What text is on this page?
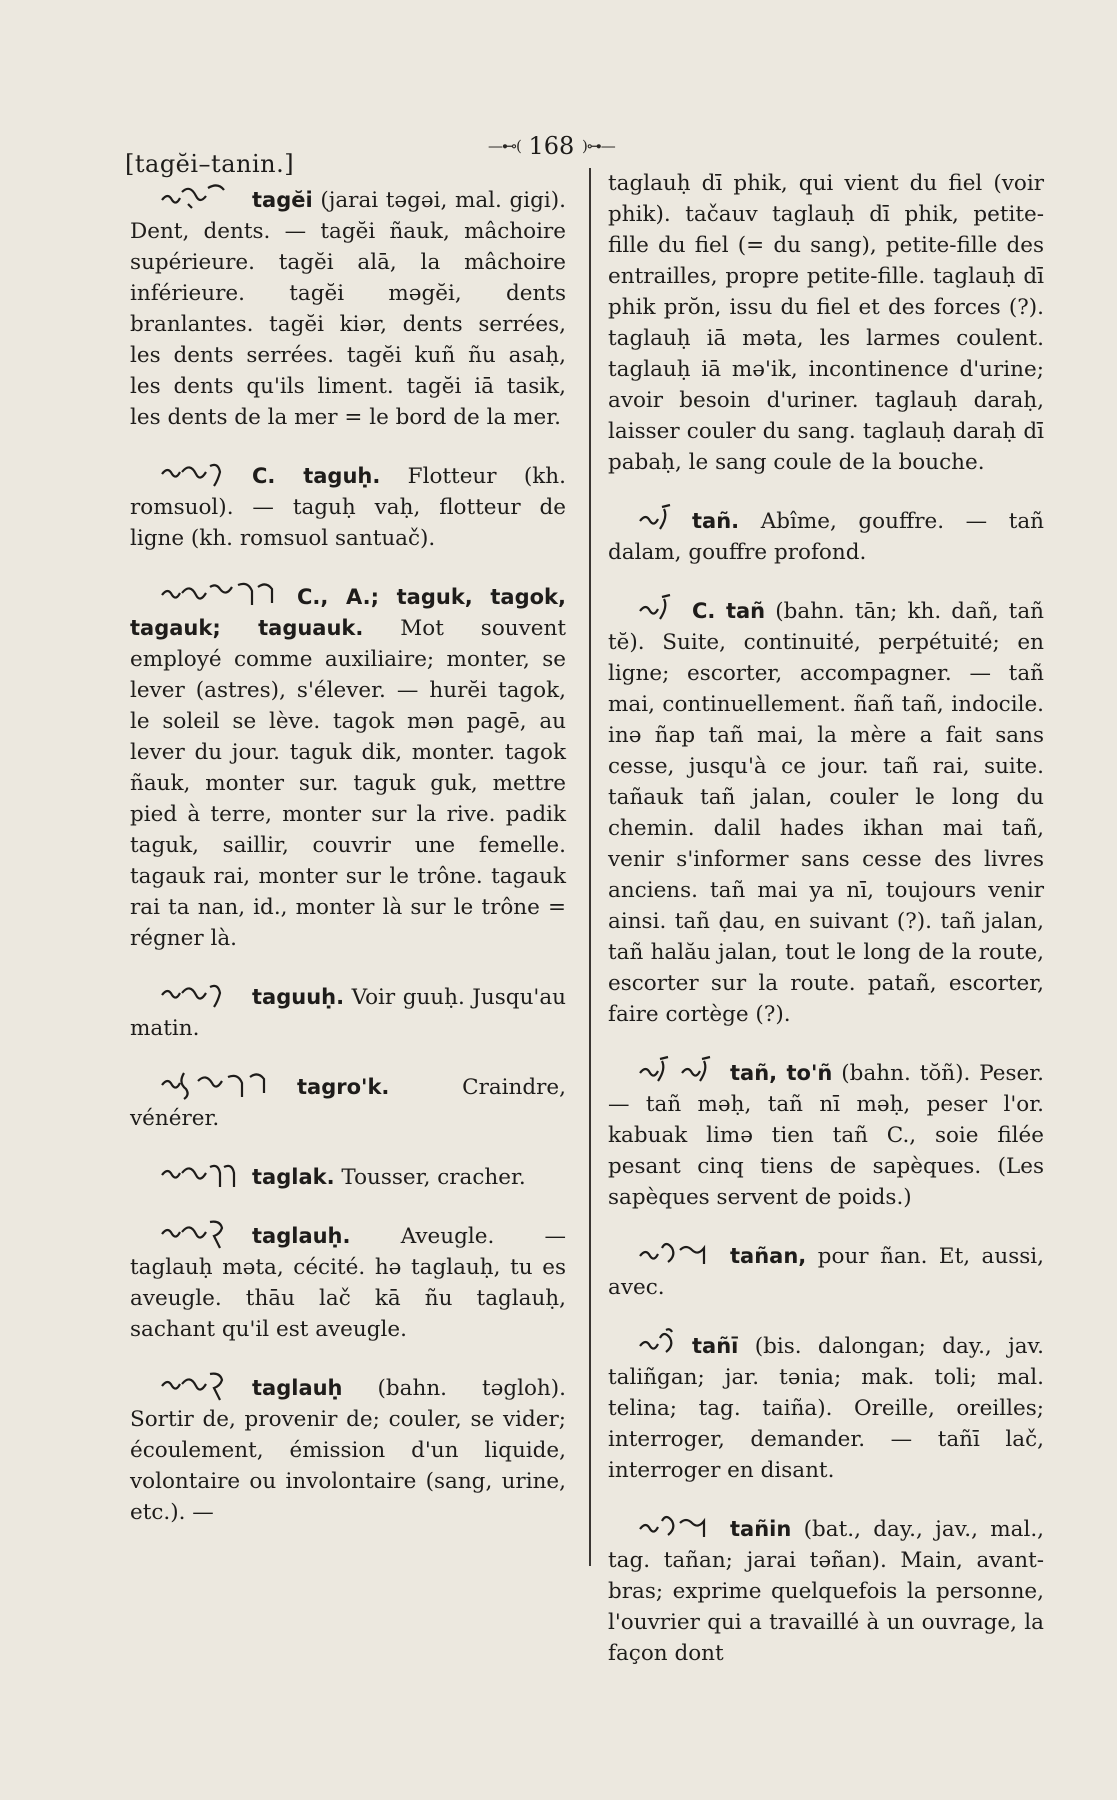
[tagĕi–tanin.]
—⊷( 168 )⊶—

tagĕi (jarai təgəi, mal. gigi). Dent, dents. — tagĕi ñauk, mâchoire supérieure. tagĕi alā, la mâchoire inférieure. tagĕi məgĕi, dents branlantes. tagĕi kiər, dents serrées, les dents serrées. tagĕi kuñ ñu asaḥ, les dents qu'ils liment. tagĕi iā tasik, les dents de la mer = le bord de la mer.

C. taguḥ. Flotteur (kh. romsuol). — taguḥ vaḥ, flotteur de ligne (kh. romsuol santuač).

C., A.; taguk, tagok, tagauk; taguauk. Mot souvent employé comme auxiliaire; monter, se lever (astres), s'élever. — hurĕi tagok, le soleil se lève. tagok mən pagē, au lever du jour. taguk dik, monter. tagok ñauk, monter sur. taguk guk, mettre pied à terre, monter sur la rive. padik taguk, saillir, couvrir une femelle. tagauk rai, monter sur le trône. tagauk rai ta nan, id., monter là sur le trône = régner là.

taguuḥ. Voir guuḥ. Jusqu'au matin.

tagro'k.	Craindre, vénérer.

taglak. Tousser, cracher.

taglauḥ. Aveugle. — taglauḥ məta, cécité. hə taglauḥ, tu es aveugle. thāu lač kā ñu taglauḥ, sachant qu'il est aveugle.

taglauḥ (bahn. təgloh). Sortir de, provenir de; couler, se vider; écoulement, émission d'un liquide, volontaire ou involontaire (sang, urine, etc.). —

taglauḥ dī phik, qui vient du fiel (voir phik). tačauv taglauḥ dī phik, petite-fille du fiel (= du sang), petite-fille des entrailles, propre petite-fille. taglauḥ dī phik prŏn, issu du fiel et des forces (?). taglauḥ iā məta, les larmes coulent. taglauḥ iā mə'ik, incontinence d'urine; avoir besoin d'uriner. taglauḥ daraḥ, laisser couler du sang. taglauḥ daraḥ dī pabaḥ, le sang coule de la bouche.

tañ. Abîme, gouffre. — tañ dalam, gouffre profond.

C. tañ (bahn. tān; kh. dañ, tañ tĕ). Suite, continuité, perpétuité; en ligne; escorter, accompagner. — tañ mai, continuellement. ñañ tañ, indocile. inə ñap tañ mai, la mère a fait sans cesse, jusqu'à ce jour. tañ rai, suite. tañauk tañ jalan, couler le long du chemin. dalil hades ikhan mai tañ, venir s'informer sans cesse des livres anciens. tañ mai ya nī, toujours venir ainsi. tañ ḍau, en suivant (?). tañ jalan, tañ halău jalan, tout le long de la route, escorter sur la route. patañ, escorter, faire cortège (?).

tañ, to'ñ (bahn. tŏñ). Peser. — tañ məḥ, tañ nī məḥ, peser l'or. kabuak limə tien tañ C., soie filée pesant cinq tiens de sapèques. (Les sapèques servent de poids.)

tañan, pour ñan. Et, aussi, avec.

tañī (bis. dalongan; day., jav. taliñgan; jar. tənia; mak. toli; mal. telina; tag. taiña). Oreille, oreilles; interroger, demander. — tañī lač, interroger en disant.

tañin (bat., day., jav., mal., tag. tañan; jarai təñan). Main, avant-bras; exprime quelquefois la personne, l'ouvrier qui a travaillé à un ouvrage, la façon dont
